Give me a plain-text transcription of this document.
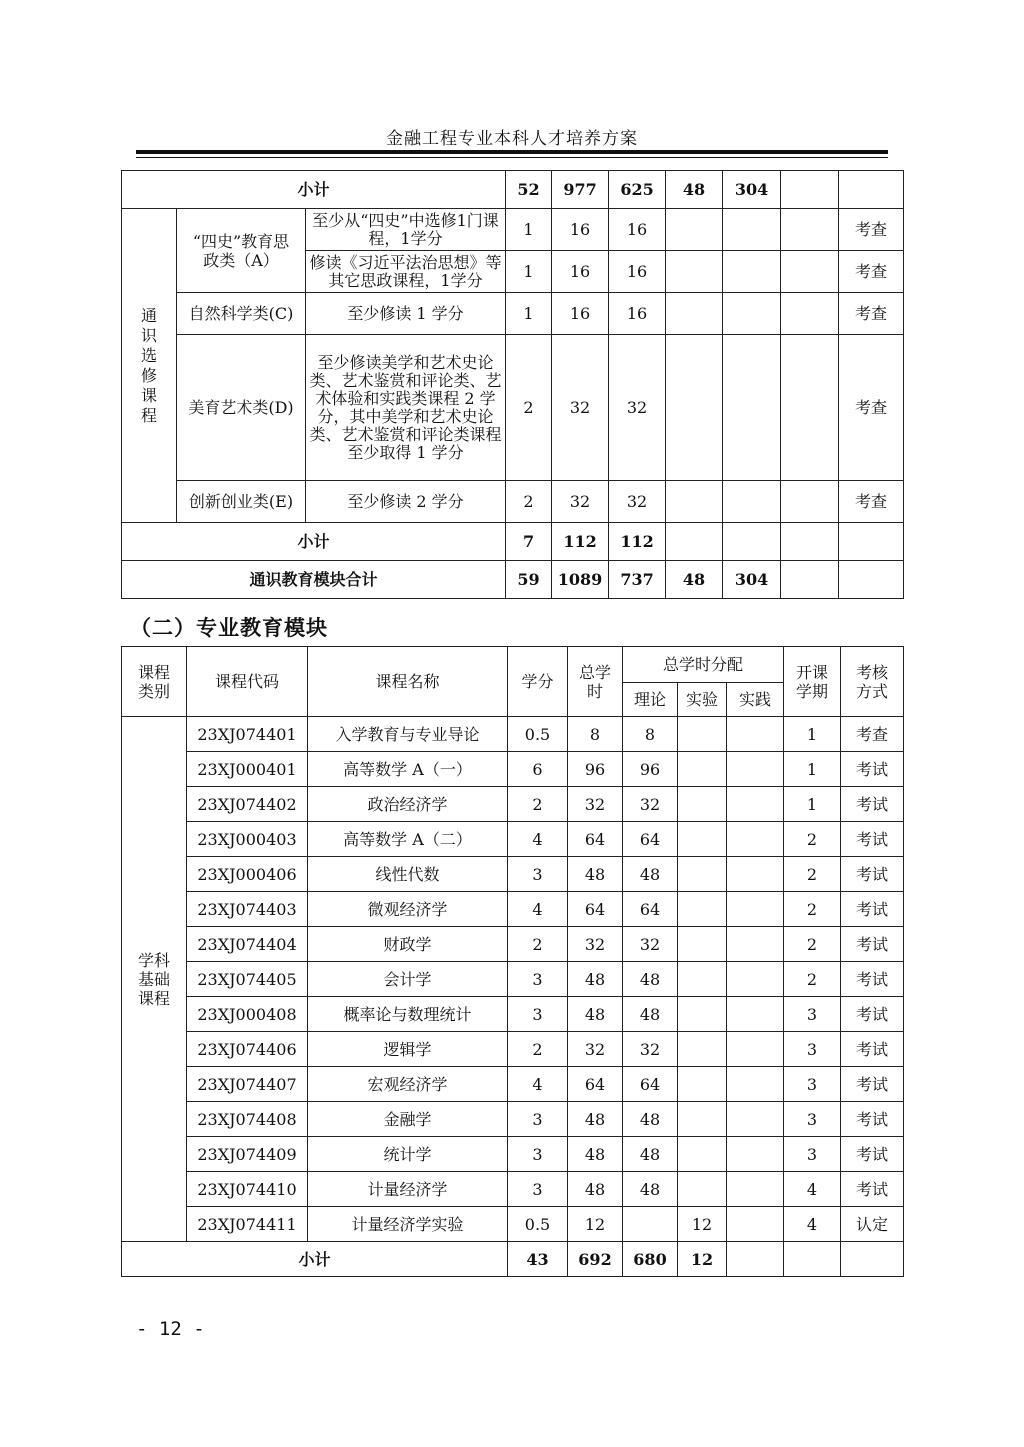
金融工程专业本科人才培养方案
小计			52	977	625	48	304		
通识选修课程	“四史”教育思政类（A）	至少从“四史”中选修1门课程，1学分	1	16	16				考查
		修读《习近平法治思想》等其它思政课程，1学分	1	16	16				考查
	自然科学类(C)	至少修读 1 学分	1	16	16				考查
	美育艺术类(D)	至少修读美学和艺术史论类、艺术鉴赏和评论类、艺术体验和实践类课程 2 学分，其中美学和艺术史论类、艺术鉴赏和评论类课程至少取得 1 学分	2	32	32				考查
	创新创业类(E)	至少修读 2 学分	2	32	32				考查
小计			7	112	112				
通识教育模块合计			59	1089	737	48	304		
（二）专业教育模块
课程类别	课程代码	课程名称	学分	总学时	总学时分配			开课学期	考核方式
					理论	实验	实践		
学科基础课程	23XJ074401	入学教育与专业导论	0.5	8	8			1	考查
	23XJ000401	高等数学 A（一）	6	96	96			1	考试
	23XJ074402	政治经济学	2	32	32			1	考试
	23XJ000403	高等数学 A（二）	4	64	64			2	考试
	23XJ000406	线性代数	3	48	48			2	考试
	23XJ074403	微观经济学	4	64	64			2	考试
	23XJ074404	财政学	2	32	32			2	考试
	23XJ074405	会计学	3	48	48			2	考试
	23XJ000408	概率论与数理统计	3	48	48			3	考试
	23XJ074406	逻辑学	2	32	32			3	考试
	23XJ074407	宏观经济学	4	64	64			3	考试
	23XJ074408	金融学	3	48	48			3	考试
	23XJ074409	统计学	3	48	48			3	考试
	23XJ074410	计量经济学	3	48	48			4	考试
	23XJ074411	计量经济学实验	0.5	12		12		4	认定
小计			43	692	680	12			
- 12 -
